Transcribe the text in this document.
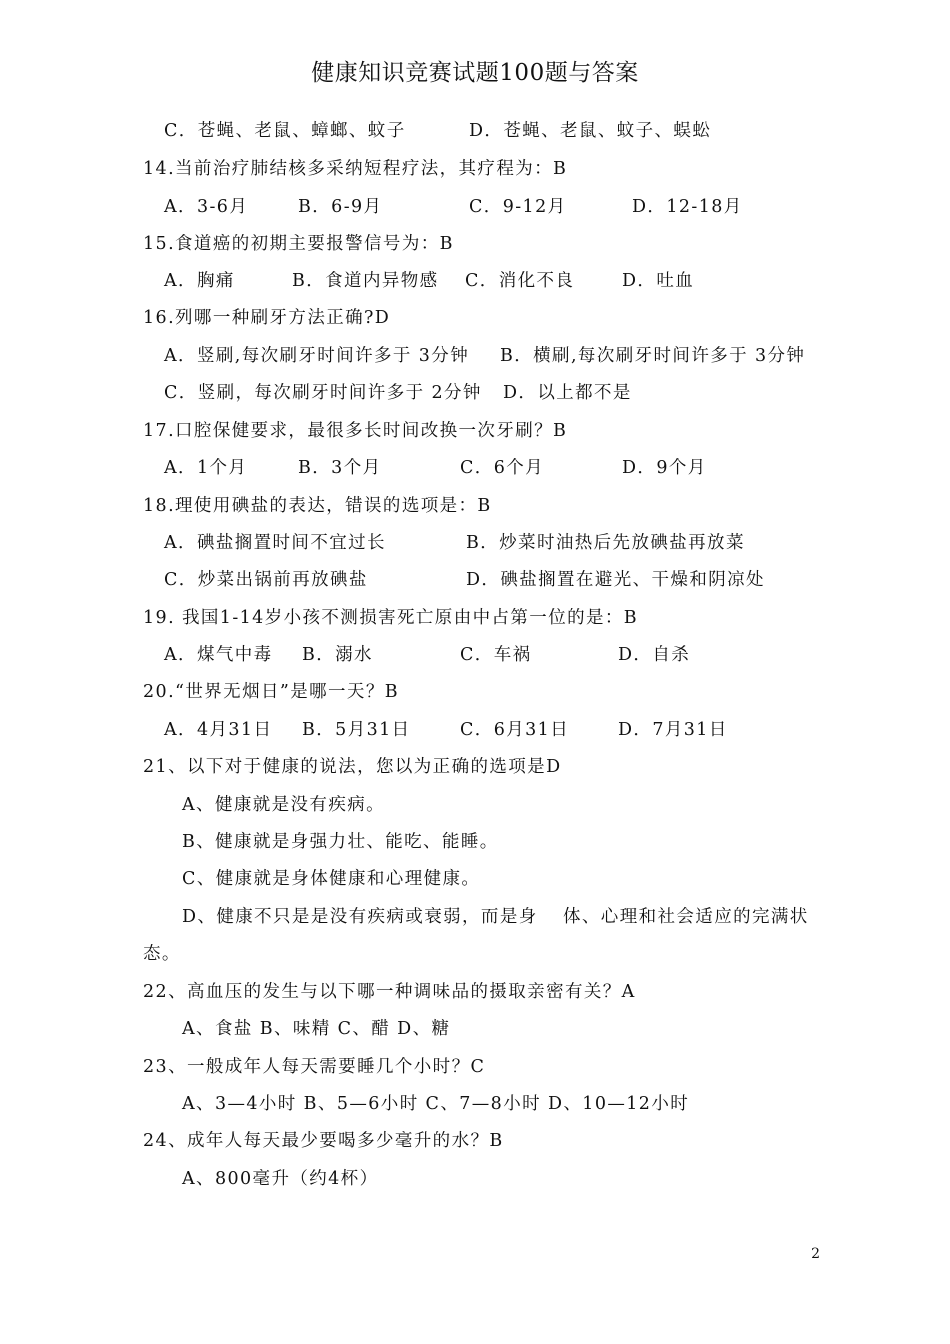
健康知识竞赛试题100题与答案
C．苍蝇、老鼠、蟑螂、蚊子	D．苍蝇、老鼠、蚊子、蜈蚣
14.当前治疗肺结核多采纳短程疗法，其疗程为：B
A．3-6月	B．6-9月	C．9-12月	D．12-18月
15.食道癌的初期主要报警信号为：B
A．胸痛	B．食道内异物感 C．消化不良	D．吐血
16.列哪一种刷牙方法正确?D
A．竖刷,每次刷牙时间许多于 3分钟 B．横刷,每次刷牙时间许多于 3分钟
C．竖刷，每次刷牙时间许多于 2分钟 D．以上都不是
17.口腔保健要求，最很多长时间改换一次牙刷？B
A．1个月	B．3个月	C．6个月	D．9个月
18.理使用碘盐的表达，错误的选项是：B
A．碘盐搁置时间不宜过长	B．炒菜时油热后先放碘盐再放菜
C．炒菜出锅前再放碘盐	D．碘盐搁置在避光、干燥和阴凉处
19. 我国1-14岁小孩不测损害死亡原由中占第一位的是：B
A．煤气中毒 B．溺水	C．车祸	D．自杀
20.“世界无烟日”是哪一天？B
A．4月31日 B．5月31日	C．6月31日	D．7月31日
21、以下对于健康的说法，您以为正确的选项是D
A、健康就是没有疾病。
B、健康就是身强力壮、能吃、能睡。
C、健康就是身体健康和心理健康。
D、健康不只是是没有疾病或衰弱，而是身 体、心理和社会适应的完满状
态。
22、高血压的发生与以下哪一种调味品的摄取亲密有关？A
A、食盐 B、味精 C、醋 D、糖
23、一般成年人每天需要睡几个小时？C
A、3—4小时 B、5—6小时 C、7—8小时 D、10—12小时
24、成年人每天最少要喝多少毫升的水？B
A、800毫升（约4杯）
2
